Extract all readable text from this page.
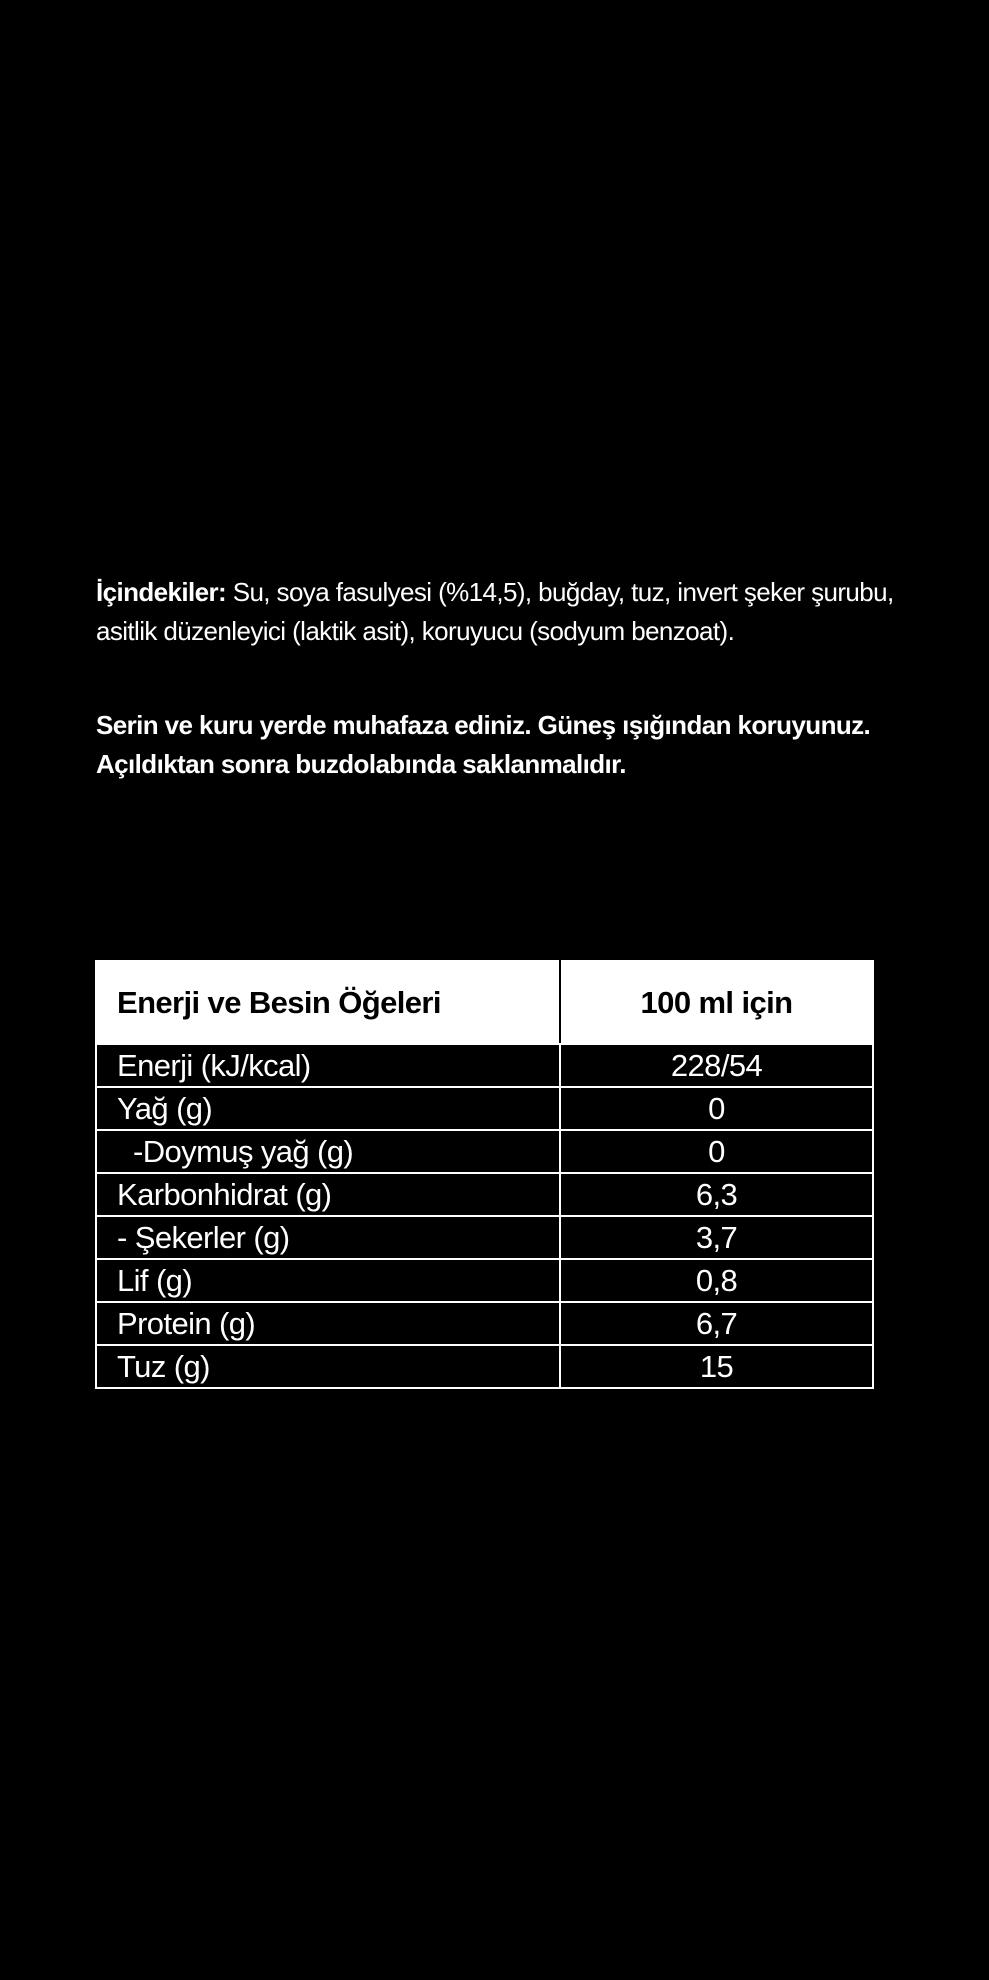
İçindekiler: Su, soya fasulyesi (%14,5), buğday, tuz, invert şeker şurubu, asitlik düzenleyici (laktik asit), koruyucu (sodyum benzoat).
Serin ve kuru yerde muhafaza ediniz. Güneş ışığından koruyunuz.
Açıldıktan sonra buzdolabında saklanmalıdır.
Enerji ve Besin Öğeleri	100 ml için
Enerji (kJ/kcal)	228/54
Yağ (g)	0
-Doymuş yağ (g)	0
Karbonhidrat (g)	6,3
- Şekerler (g)	3,7
Lif (g)	0,8
Protein (g)	6,7
Tuz (g)	15
